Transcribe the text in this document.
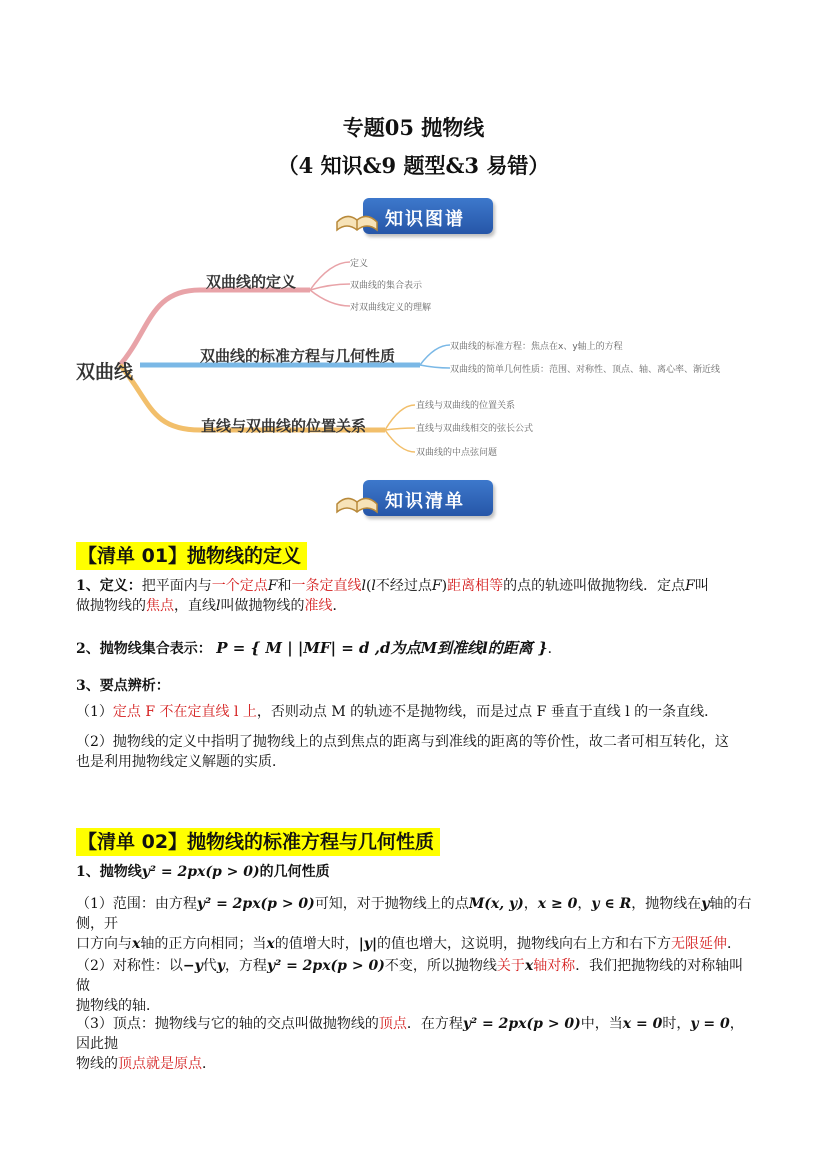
专题05 抛物线
（4 知识&9 题型&3 易错）
知识图谱
双曲线
双曲线的定义
双曲线的标准方程与几何性质
直线与双曲线的位置关系
定义
双曲线的集合表示
对双曲线定义的理解
双曲线的标准方程：焦点在x、y轴上的方程
双曲线的简单几何性质：范围、对称性、顶点、轴、离心率、渐近线
直线与双曲线的位置关系
直线与双曲线相交的弦长公式
双曲线的中点弦问题
知识清单
【清单 01】抛物线的定义
1、定义：把平面内与一个定点F和一条定直线l(l不经过点F)距离相等的点的轨迹叫做抛物线．定点F叫
做抛物线的焦点，直线l叫做抛物线的准线．
2、抛物线集合表示： P = { M | |MF| = d ,d为点M到准线l的距离 }．
3、要点辨析：
（1）定点 F 不在定直线 l 上，否则动点 M 的轨迹不是抛物线，而是过点 F 垂直于直线 l 的一条直线．
（2）抛物线的定义中指明了抛物线上的点到焦点的距离与到准线的距离的等价性，故二者可相互转化，这
也是利用抛物线定义解题的实质．
【清单 02】抛物线的标准方程与几何性质
1、抛物线y² = 2px(p > 0)的几何性质
（1）范围：由方程y² = 2px(p > 0)可知，对于抛物线上的点M(x, y)，x ≥ 0，y ∈ R，抛物线在y轴的右侧，开
口方向与x轴的正方向相同；当x的值增大时，|y|的值也增大，这说明，抛物线向右上方和右下方无限延伸．
（2）对称性：以−y代y，方程y² = 2px(p > 0)不变，所以抛物线关于x轴对称．我们把抛物线的对称轴叫做
抛物线的轴．
（3）顶点：抛物线与它的轴的交点叫做抛物线的顶点．在方程y² = 2px(p > 0)中，当x = 0时，y = 0，因此抛
物线的顶点就是原点．
